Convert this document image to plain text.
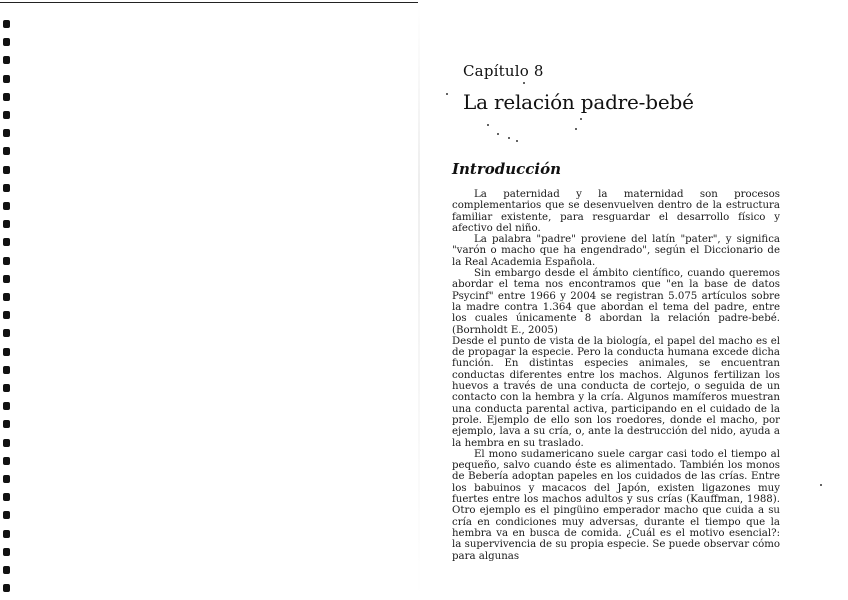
Capítulo 8
La relación padre-bebé
Introducción

La paternidad y la maternidad son procesos complementarios que se desenvuelven dentro de la estructura familiar existente, para resguardar el desarrollo físico y afectivo del niño.

La palabra "padre" proviene del latín "pater", y significa "varón o macho que ha engendrado", según el Diccionario de la Real Academia Española.

Sin embargo desde el ámbito científico, cuando queremos abordar el tema nos encontramos que "en la base de datos Psycinf" entre 1966 y 2004 se registran 5.075 artículos sobre la madre contra 1.364 que abordan el tema del padre, entre los cuales únicamente 8 abordan la relación padre-bebé. (Bornholdt E., 2005)

Desde el punto de vista de la biología, el papel del macho es el de propagar la especie. Pero la conducta humana excede dicha función. En distintas especies animales, se encuentran conductas diferentes entre los machos. Algunos fertilizan los huevos a través de una conducta de cortejo, o seguida de un contacto con la hembra y la cría. Algunos mamíferos muestran una conducta parental activa, participando en el cuidado de la prole. Ejemplo de ello son los roedores, donde el macho, por ejemplo, lava a su cría, o, ante la destrucción del nido, ayuda a la hembra en su traslado.

El mono sudamericano suele cargar casi todo el tiempo al pequeño, salvo cuando éste es alimentado. También los monos de Bebería adoptan papeles en los cuidados de las crías. Entre los babuinos y macacos del Japón, existen ligazones muy fuertes entre los machos adultos y sus crías (Kauffman, 1988). Otro ejemplo es el pingüino emperador macho que cuida a su cría en condiciones muy adversas, durante el tiempo que la hembra va en busca de comida. ¿Cuál es el motivo esencial?: la supervivencia de su propia especie. Se puede observar cómo para algunas
